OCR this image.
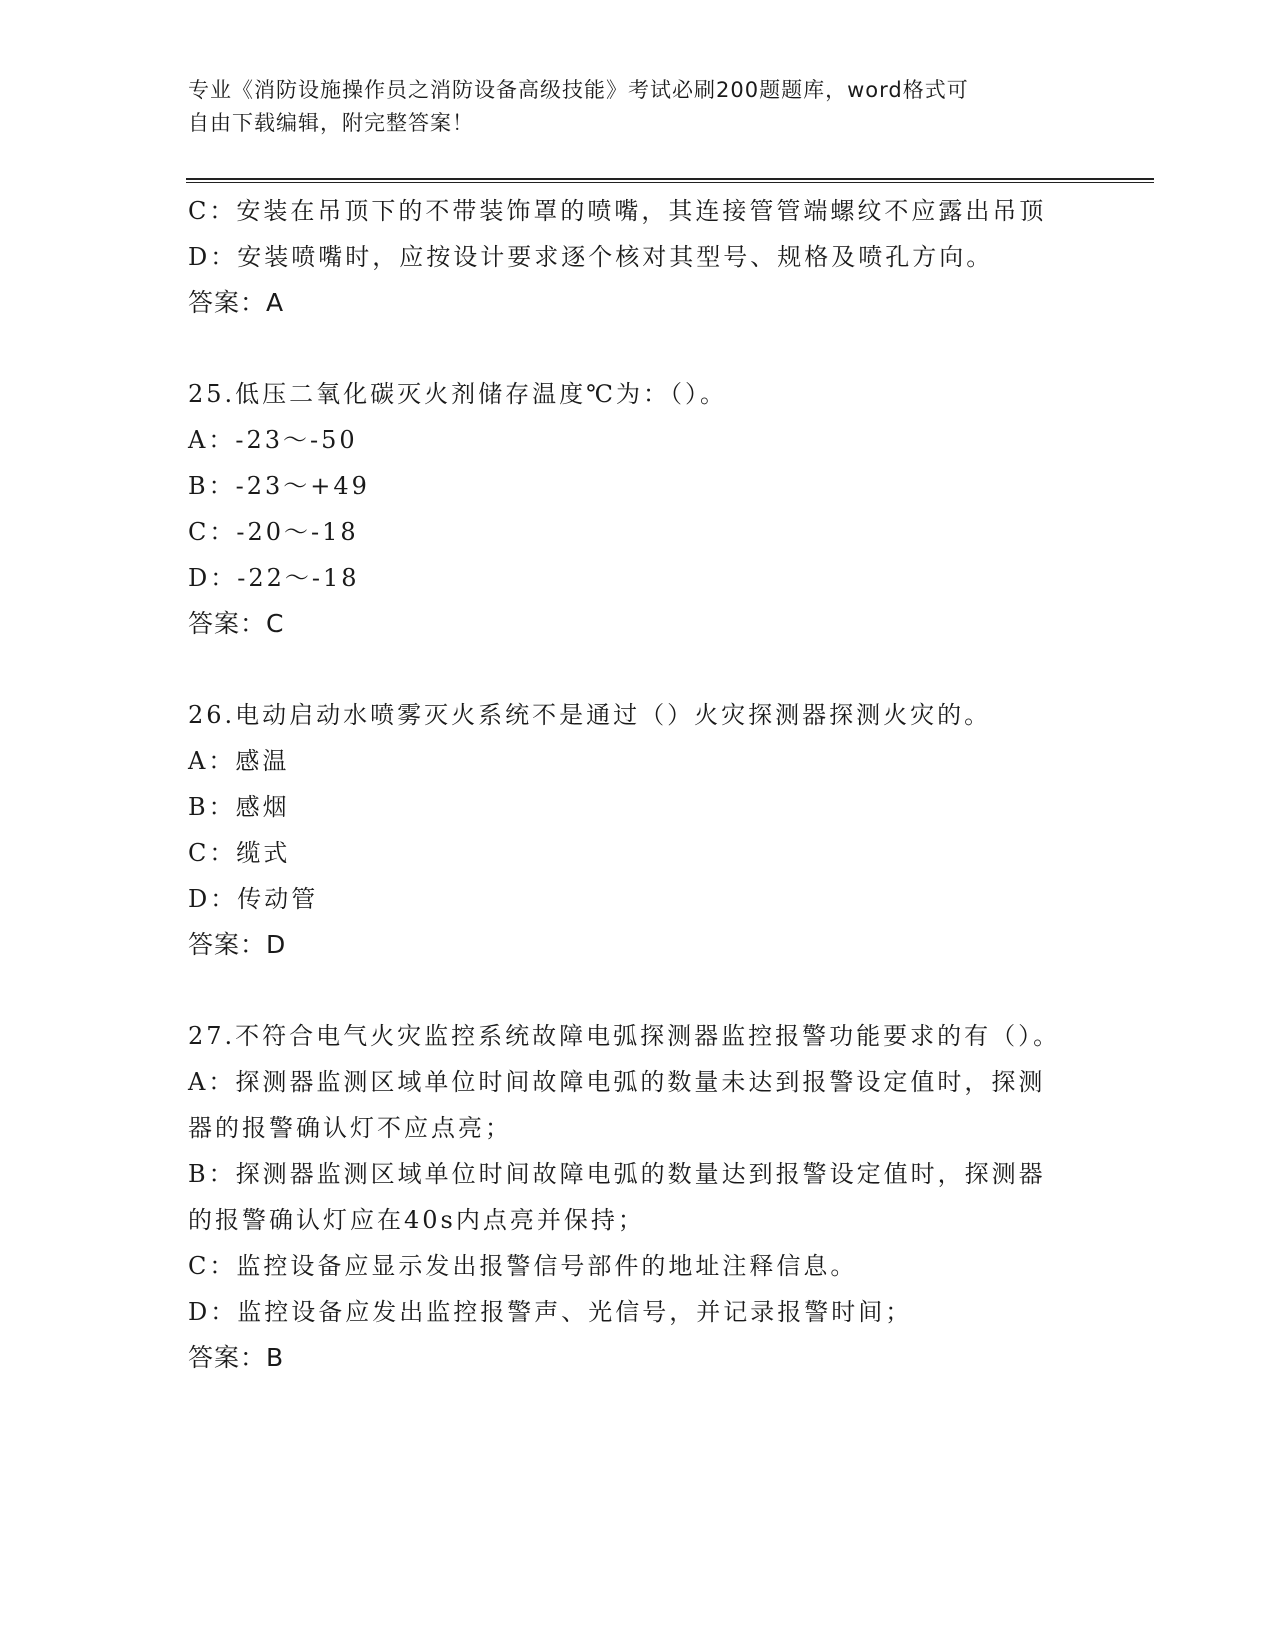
专业《消防设施操作员之消防设备高级技能》考试必刷200题题库，word格式可
自由下载编辑，附完整答案！

C：安装在吊顶下的不带装饰罩的喷嘴，其连接管管端螺纹不应露出吊顶

D：安装喷嘴时，应按设计要求逐个核对其型号、规格及喷孔方向。

答案：A

25.低压二氧化碳灭火剂储存温度℃为：（）。

A：-23～-50

B：-23～+49

C：-20～-18

D：-22～-18

答案：C

26.电动启动水喷雾灭火系统不是通过（）火灾探测器探测火灾的。

A：感温

B：感烟

C：缆式

D：传动管

答案：D

27.不符合电气火灾监控系统故障电弧探测器监控报警功能要求的有（）。

A：探测器监测区域单位时间故障电弧的数量未达到报警设定值时，探测器的报警确认灯不应点亮；

B：探测器监测区域单位时间故障电弧的数量达到报警设定值时，探测器的报警确认灯应在40s内点亮并保持；

C：监控设备应显示发出报警信号部件的地址注释信息。

D：监控设备应发出监控报警声、光信号，并记录报警时间；

答案：B
